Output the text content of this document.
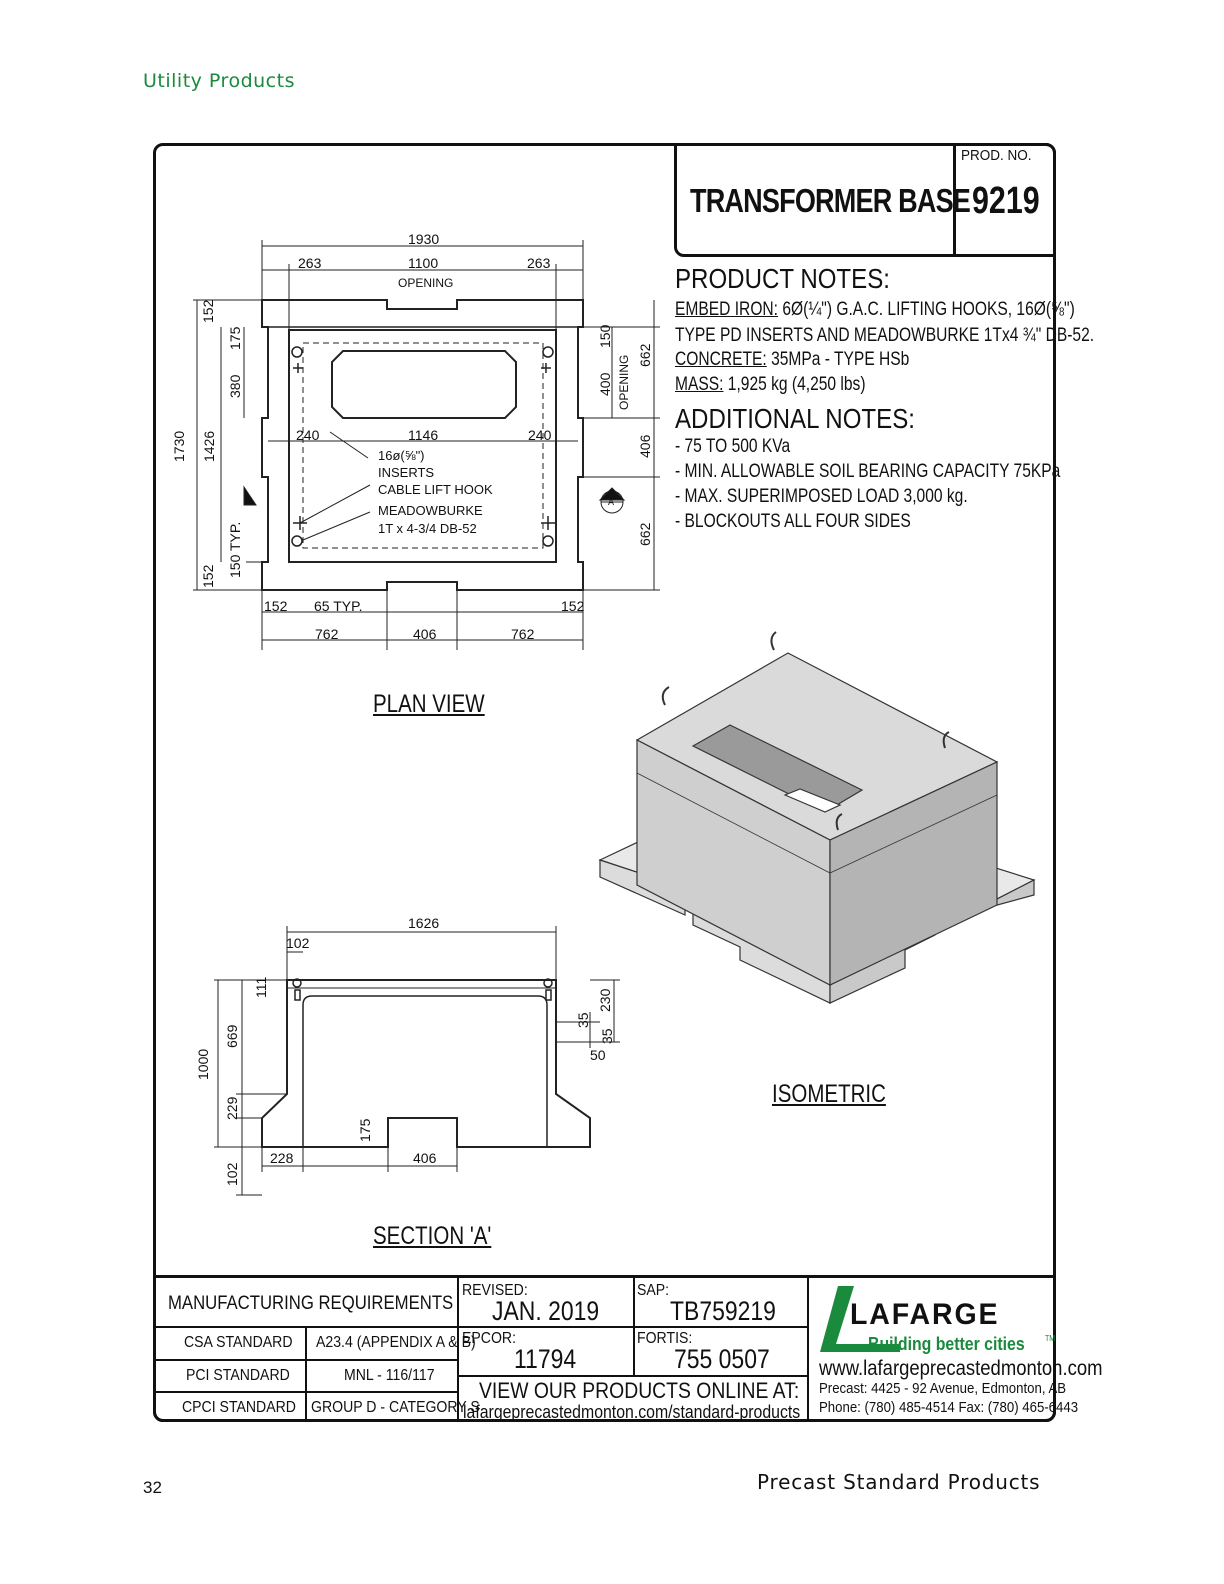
Utility Products
TRANSFORMER BASE
PROD. NO.
9219
PRODUCT NOTES:
EMBED IRON: 6Ø(¼") G.A.C. LIFTING HOOKS, 16Ø(⅝")
TYPE PD INSERTS AND MEADOWBURKE 1Tx4 ¾" DB-52.
CONCRETE: 35MPa - TYPE HSb
MASS: 1,925 kg (4,250 lbs)
ADDITIONAL NOTES:
- 75 TO 500 KVa
- MIN. ALLOWABLE SOIL BEARING CAPACITY 75KPa
- MAX. SUPERIMPOSED LOAD 3,000 kg.
- BLOCKOUTS ALL FOUR SIDES
1930
263	1100
OPENING
263
240	1146	240
152
175
380
1426
1730
150 TYP.
152
150
400 OPENING 662
406
662
152 65 TYP.	152
762	406	762
16ø(⅝")
INSERTS
CABLE LIFT HOOK
MEADOWBURKE
1T x 4-3/4 DB-52
A
1626
102
111
669
1000
229
102
228
175
406
230
35
35
50
PLAN VIEW
ISOMETRIC
SECTION 'A'
MANUFACTURING REQUIREMENTS
CSA STANDARD A23.4 (APPENDIX A & B)
PCI STANDARD	MNL - 116/117
CPCI STANDARD GROUP D - CATEGORY S
REVISED:
JAN. 2019
SAP:
TB759219
EPCOR:
11794
FORTIS:
755 0507
VIEW OUR PRODUCTS ONLINE AT:
lafargeprecastedmonton.com/standard-products
LAFARGE
Building better cities	TM
www.lafargeprecastedmonton.com
Precast: 4425 - 92 Avenue, Edmonton, AB
Phone: (780) 485-4514 Fax: (780) 465-6443
32	Precast Standard Products
